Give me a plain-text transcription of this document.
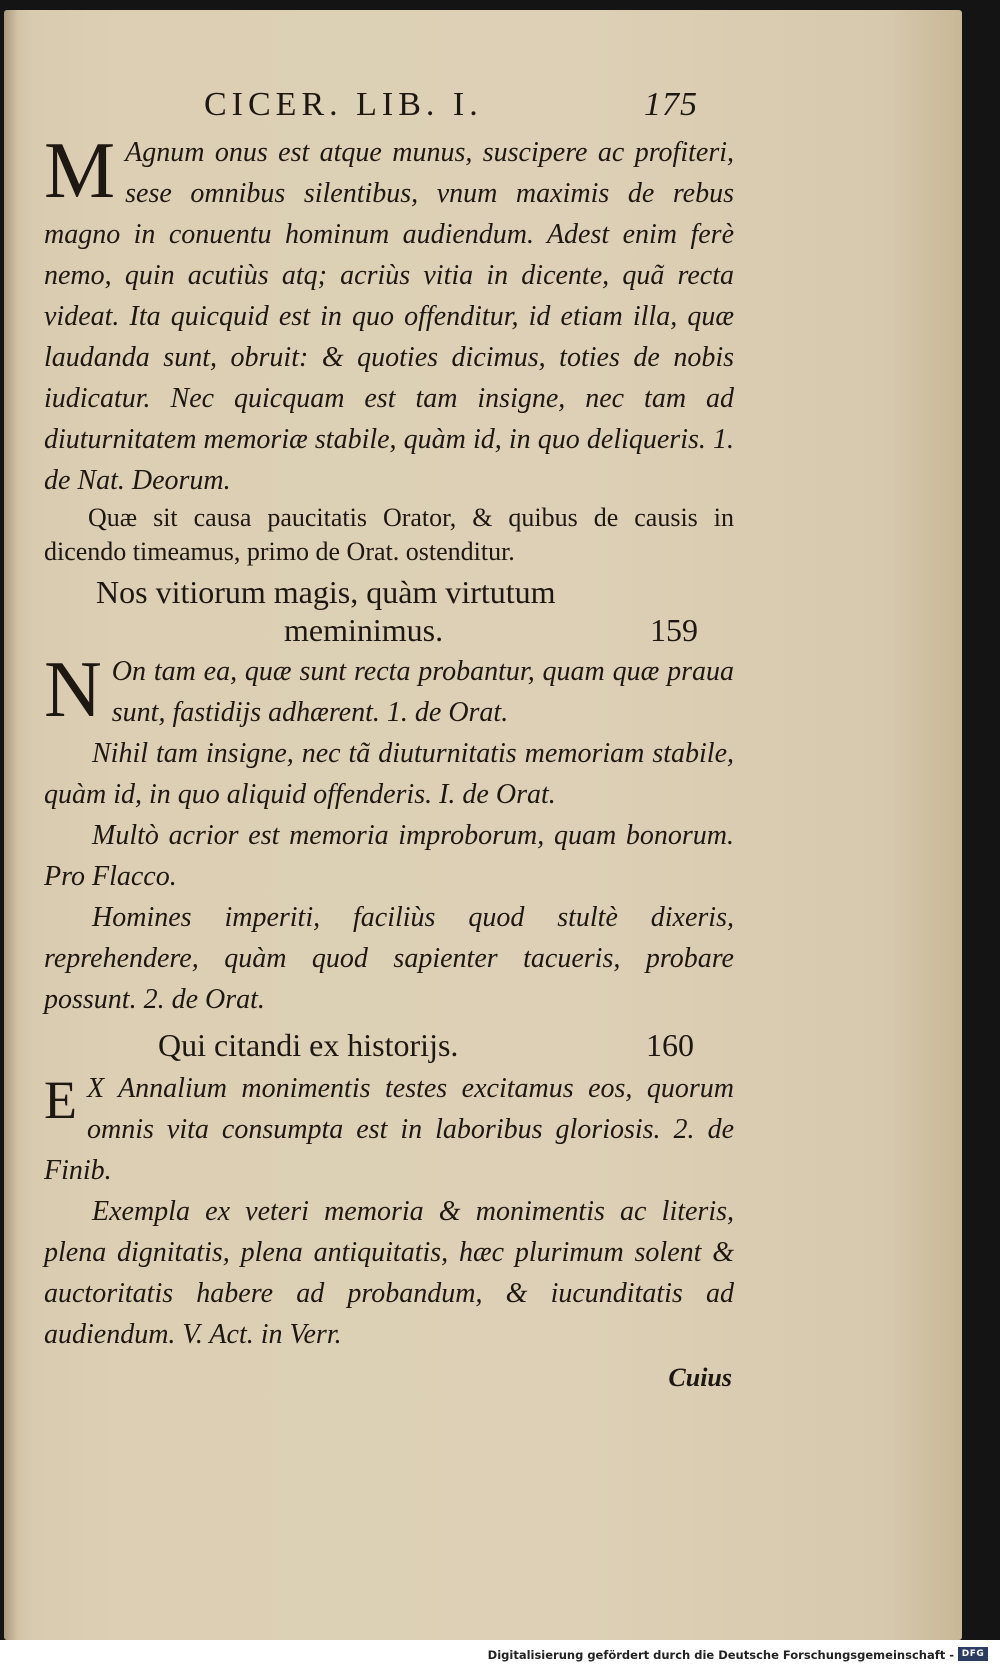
CICER. LIB. I.	175

M Agnum onus est atque munus, suscipere ac profiteri, sese omnibus silentibus, vnum maximis de rebus magno in conuentu hominum audiendum. Adest enim ferè nemo, quin acutiùs atq; acriùs vitia in dicente, quã recta videat. Ita quicquid est in quo offenditur, id etiam illa, quæ laudanda sunt, obruit: & quoties dicimus, toties de nobis iudicatur. Nec quicquam est tam insigne, nec tam ad diuturnitatem memoriæ stabile, quàm id, in quo deliqueris. 1. de Nat. Deorum.

Quæ sit causa paucitatis Orator, & quibus de causis in dicendo timeamus, primo de Orat. ostenditur.

Nos vitiorum magis, quàm virtutum
meminimus.	159

N On tam ea, quæ sunt recta probantur, quam quæ praua sunt, fastidijs adhærent. 1. de Orat.

Nihil tam insigne, nec tã diuturnitatis memoriam stabile, quàm id, in quo aliquid offenderis. I. de Orat.

Multò acrior est memoria improborum, quam bonorum. Pro Flacco.

Homines imperiti, faciliùs quod stultè dixeris, reprehendere, quàm quod sapienter tacueris, probare possunt. 2. de Orat.

Qui citandi ex historijs.	160

E X Annalium monimentis testes excitamus eos, quorum omnis vita consumpta est in laboribus gloriosis. 2. de Finib.

Exempla ex veteri memoria & monimentis ac literis, plena dignitatis, plena antiquitatis, hæc plurimum solent & auctoritatis habere ad probandum, & iucunditatis ad audiendum. V. Act. in Verr.

Cuius
Digitalisierung gefördert durch die Deutsche Forschungsgemeinschaft - DFG
